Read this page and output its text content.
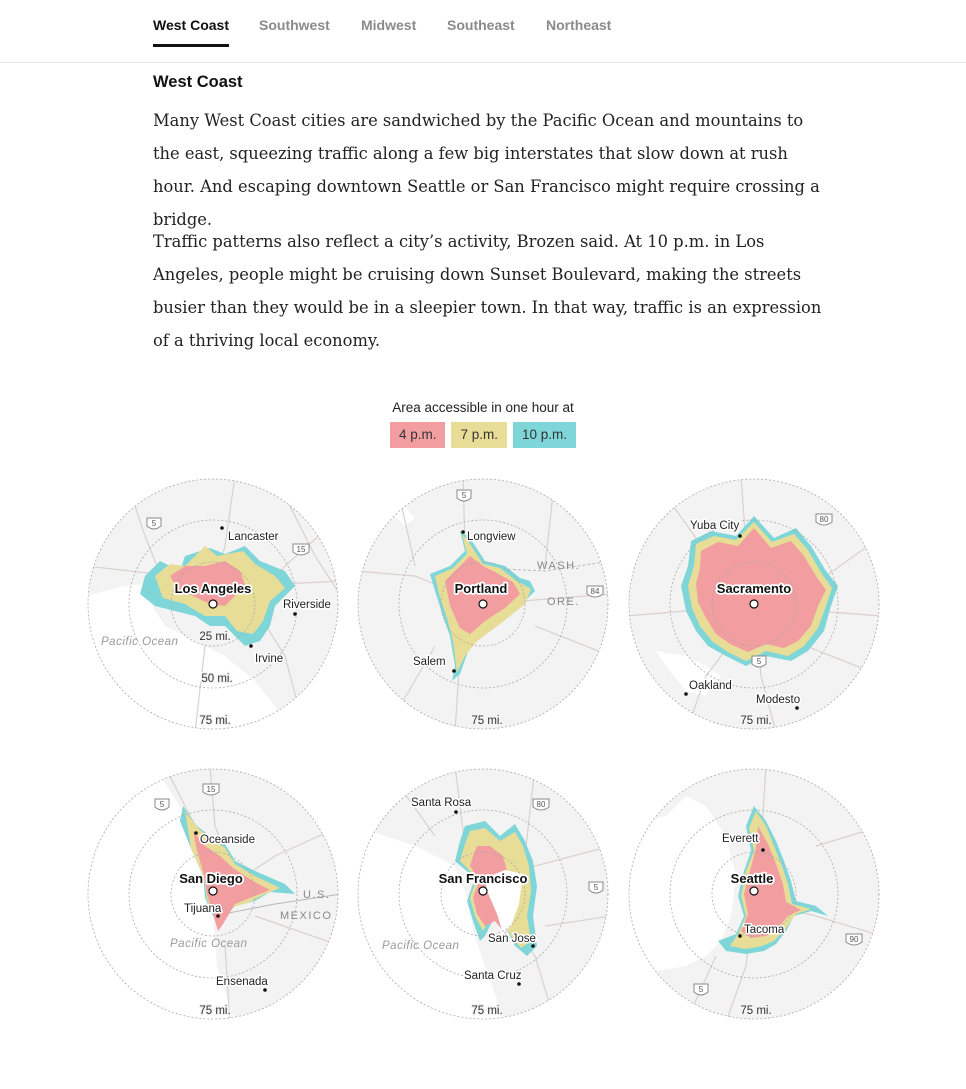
West Coast Southwest Midwest Southeast Northeast
West Coast

Many West Coast cities are sandwiched by the Pacific Ocean and mountains to the east, squeezing traffic along a few big interstates that slow down at rush hour. And escaping downtown Seattle or San Francisco might require crossing a bridge.

Traffic patterns also reflect a city’s activity, Brozen said. At 10 p.m. in Los Angeles, people might be cruising down Sunset Boulevard, making the streets busier than they would be in a sleepier town. In that way, traffic is an expression of a thriving local economy.

Area accessible in one hour at
4 p.m. 7 p.m. 10 p.m.
5
15
Lancaster
Riverside
Irvine
Pacific Ocean
Los Angeles
25 mi.
50 mi.
75 mi.
5
84
Longview
Salem
WASH.
ORE.
Portland
75 mi.
80
5
Yuba City
Oakland
Modesto
Sacramento
75 mi.
5
15
Oceanside
Tijuana
Ensenada
Pacific Ocean
U.S.
MEXICO
San Diego
75 mi.
80
5
Santa Rosa
San Jose
Santa Cruz
Pacific Ocean
San Francisco
75 mi.
90
5
Everett
Tacoma
Seattle
75 mi.
